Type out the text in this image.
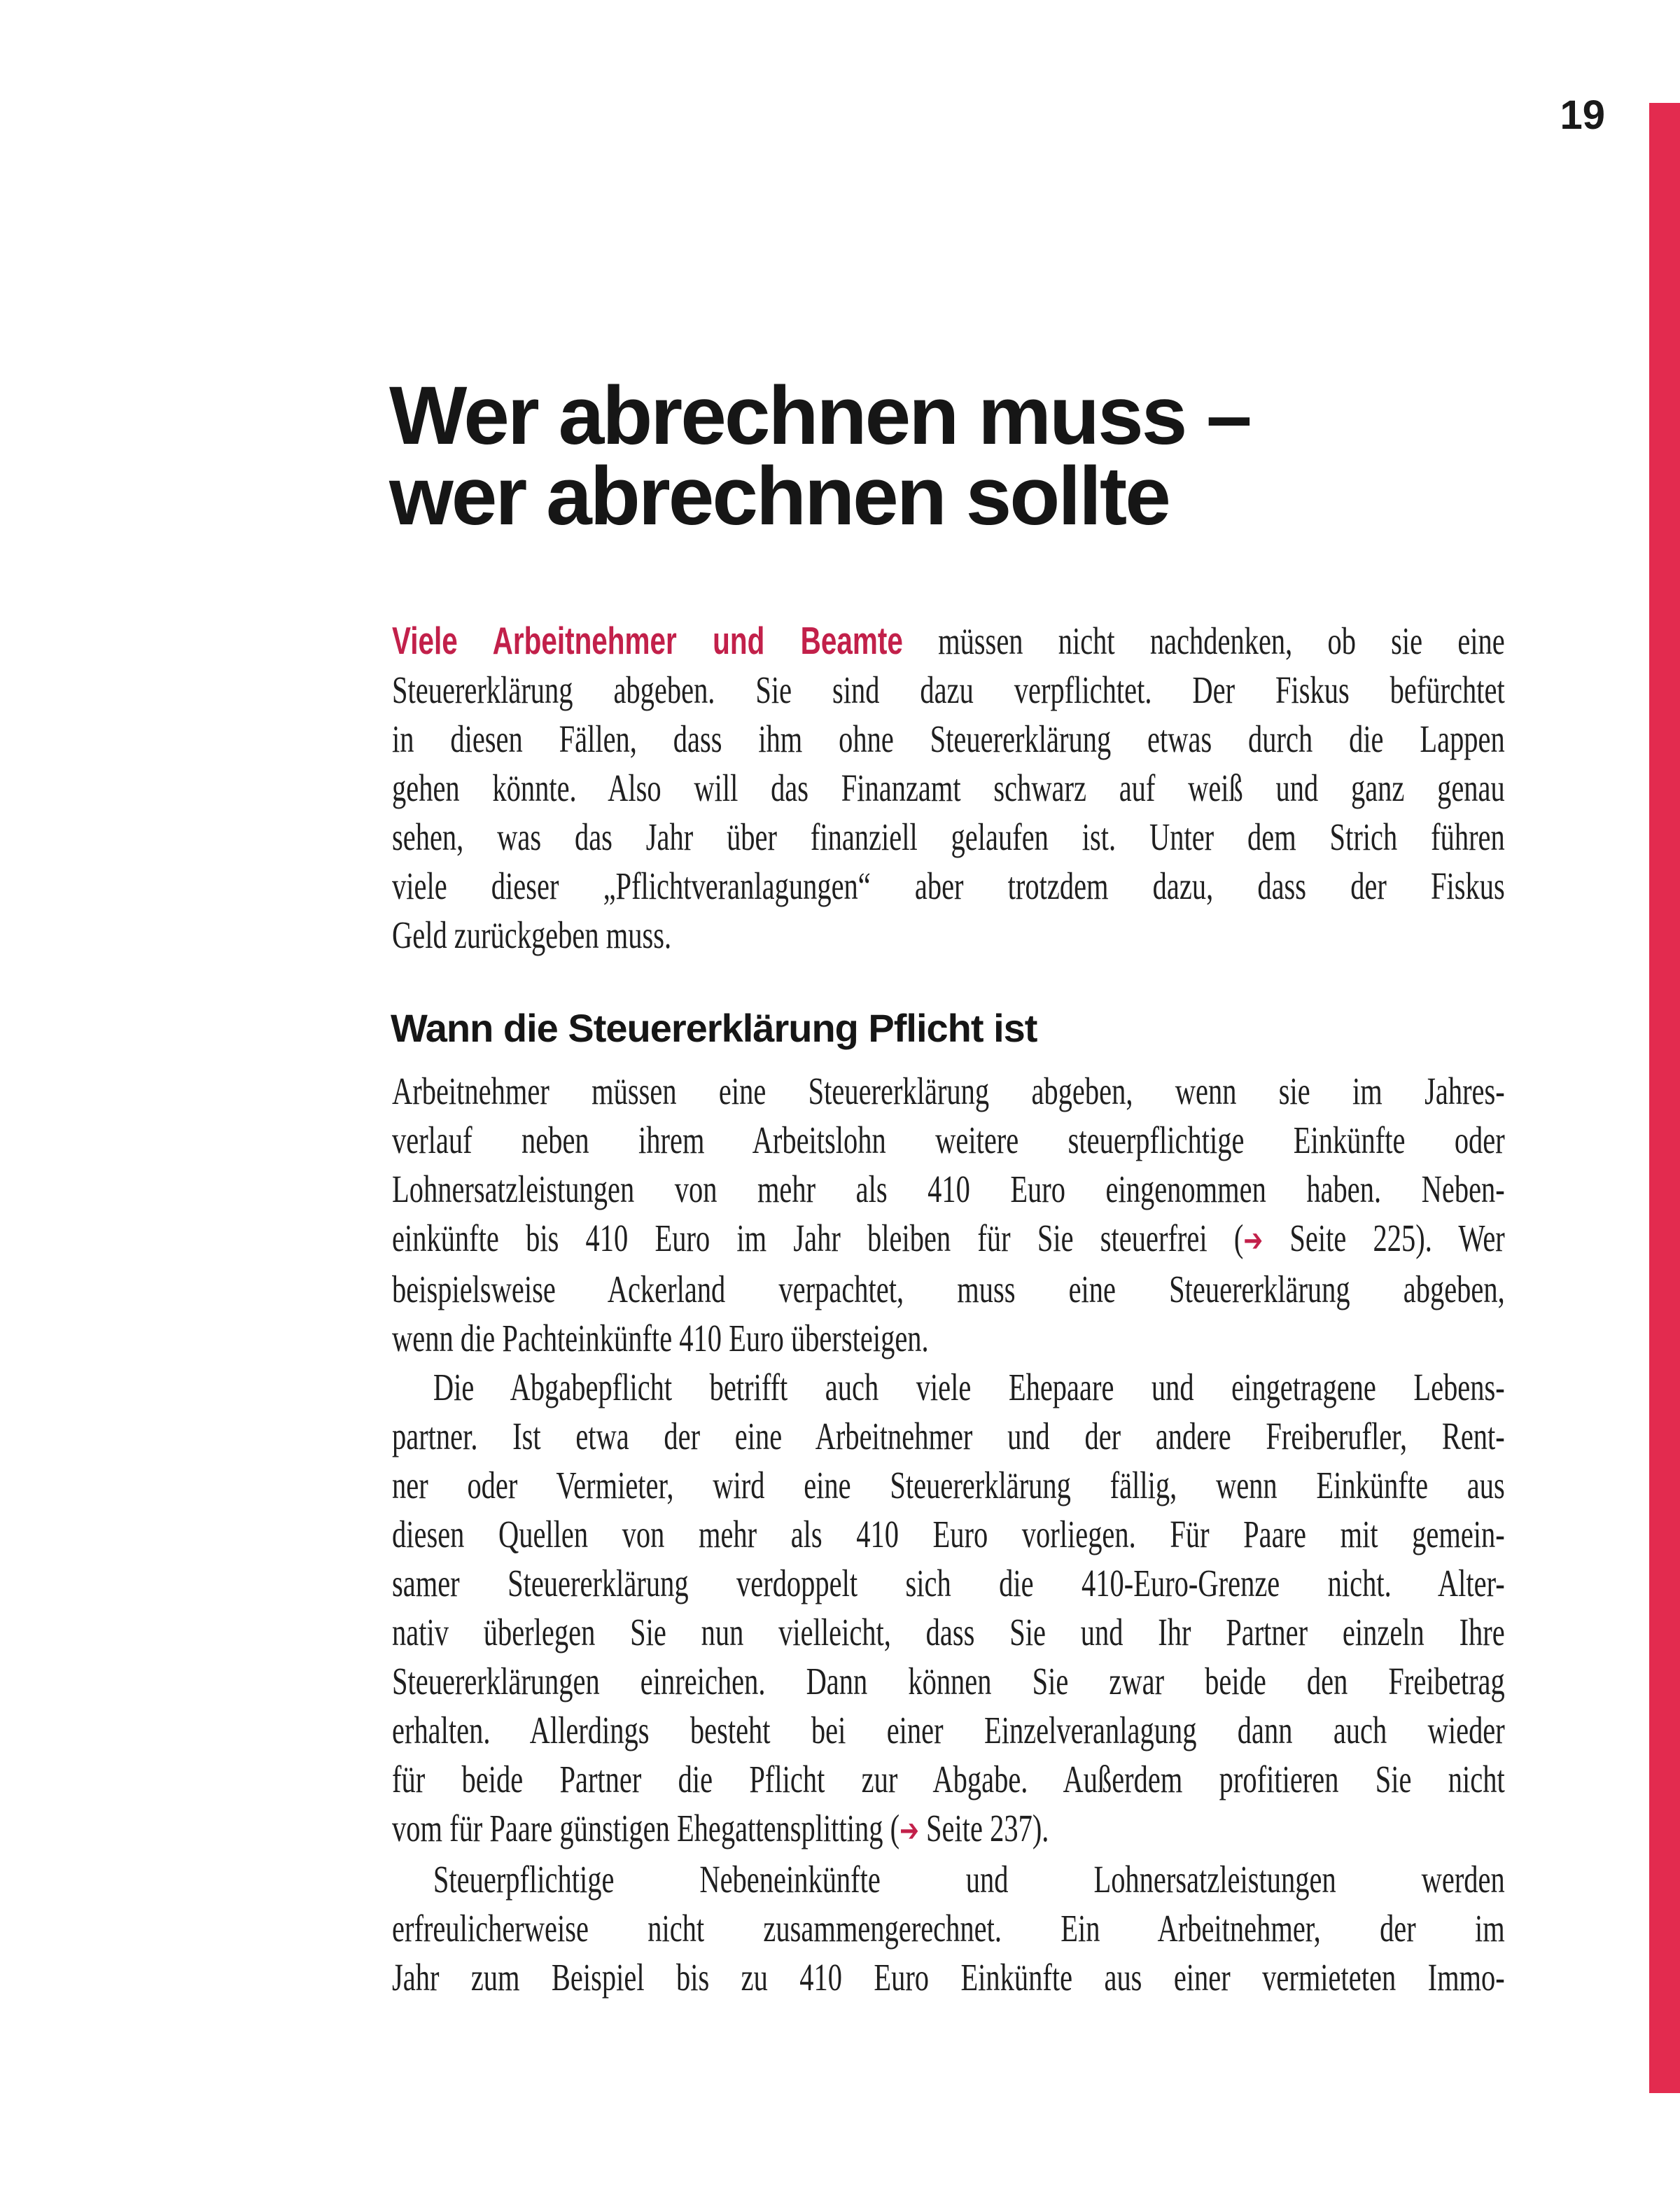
19
Wer abrechnen muss –
wer abrechnen sollte
Viele Arbeitnehmer und Beamte müssen nicht nachdenken, ob sie eine
Steuererklärung abgeben. Sie sind dazu verpflichtet. Der Fiskus befürchtet
in diesen Fällen, dass ihm ohne Steuererklärung etwas durch die Lappen
gehen könnte. Also will das Finanzamt schwarz auf weiß und ganz genau
sehen, was das Jahr über finanziell gelaufen ist. Unter dem Strich führen
viele dieser „Pflichtveranlagungen“ aber trotzdem dazu, dass der Fiskus
Geld zurückgeben muss.
Wann die Steuererklärung Pflicht ist
Arbeitnehmer müssen eine Steuererklärung abgeben, wenn sie im Jahres-
verlauf neben ihrem Arbeitslohn weitere steuerpflichtige Einkünfte oder
Lohnersatzleistungen von mehr als 410 Euro eingenommen haben. Neben-
einkünfte bis 410 Euro im Jahr bleiben für Sie steuerfrei (➔ Seite 225). Wer
beispielsweise Ackerland verpachtet, muss eine Steuererklärung abgeben,
wenn die Pachteinkünfte 410 Euro übersteigen.
Die Abgabepflicht betrifft auch viele Ehepaare und eingetragene Lebens-
partner. Ist etwa der eine Arbeitnehmer und der andere Freiberufler, Rent-
ner oder Vermieter, wird eine Steuererklärung fällig, wenn Einkünfte aus
diesen Quellen von mehr als 410 Euro vorliegen. Für Paare mit gemein-
samer Steuererklärung verdoppelt sich die 410-Euro-Grenze nicht. Alter-
nativ überlegen Sie nun vielleicht, dass Sie und Ihr Partner einzeln Ihre
Steuererklärungen einreichen. Dann können Sie zwar beide den Freibetrag
erhalten. Allerdings besteht bei einer Einzelveranlagung dann auch wieder
für beide Partner die Pflicht zur Abgabe. Außerdem profitieren Sie nicht
vom für Paare günstigen Ehegattensplitting (➔ Seite 237).
Steuerpflichtige Nebeneinkünfte und Lohnersatzleistungen werden
erfreulicherweise nicht zusammengerechnet. Ein Arbeitnehmer, der im
Jahr zum Beispiel bis zu 410 Euro Einkünfte aus einer vermieteten Immo-
